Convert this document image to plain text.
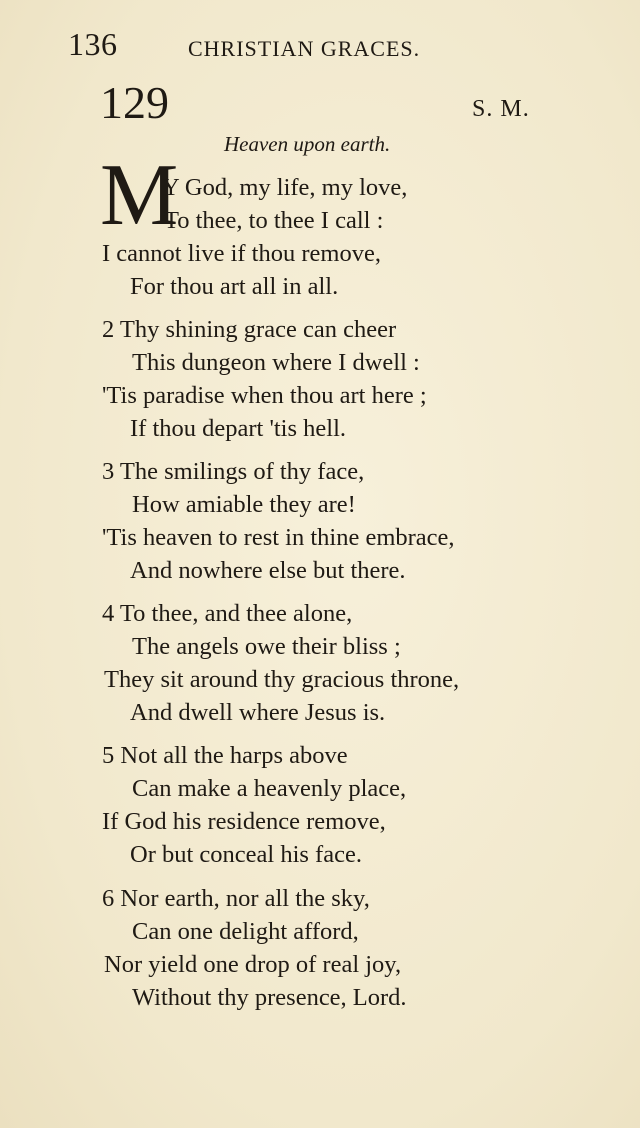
136	CHRISTIAN GRACES.
129	S. M.
Heaven upon earth.
M
Y God, my life, my love,
To thee, to thee I call :
I cannot live if thou remove,
For thou art all in all.
2 Thy shining grace can cheer
This dungeon where I dwell :
'Tis paradise when thou art here ;
If thou depart 'tis hell.
3 The smilings of thy face,
How amiable they are!
'Tis heaven to rest in thine embrace,
And nowhere else but there.
4 To thee, and thee alone,
The angels owe their bliss ;
They sit around thy gracious throne,
And dwell where Jesus is.
5 Not all the harps above
Can make a heavenly place,
If God his residence remove,
Or but conceal his face.
6 Nor earth, nor all the sky,
Can one delight afford,
Nor yield one drop of real joy,
Without thy presence, Lord.
